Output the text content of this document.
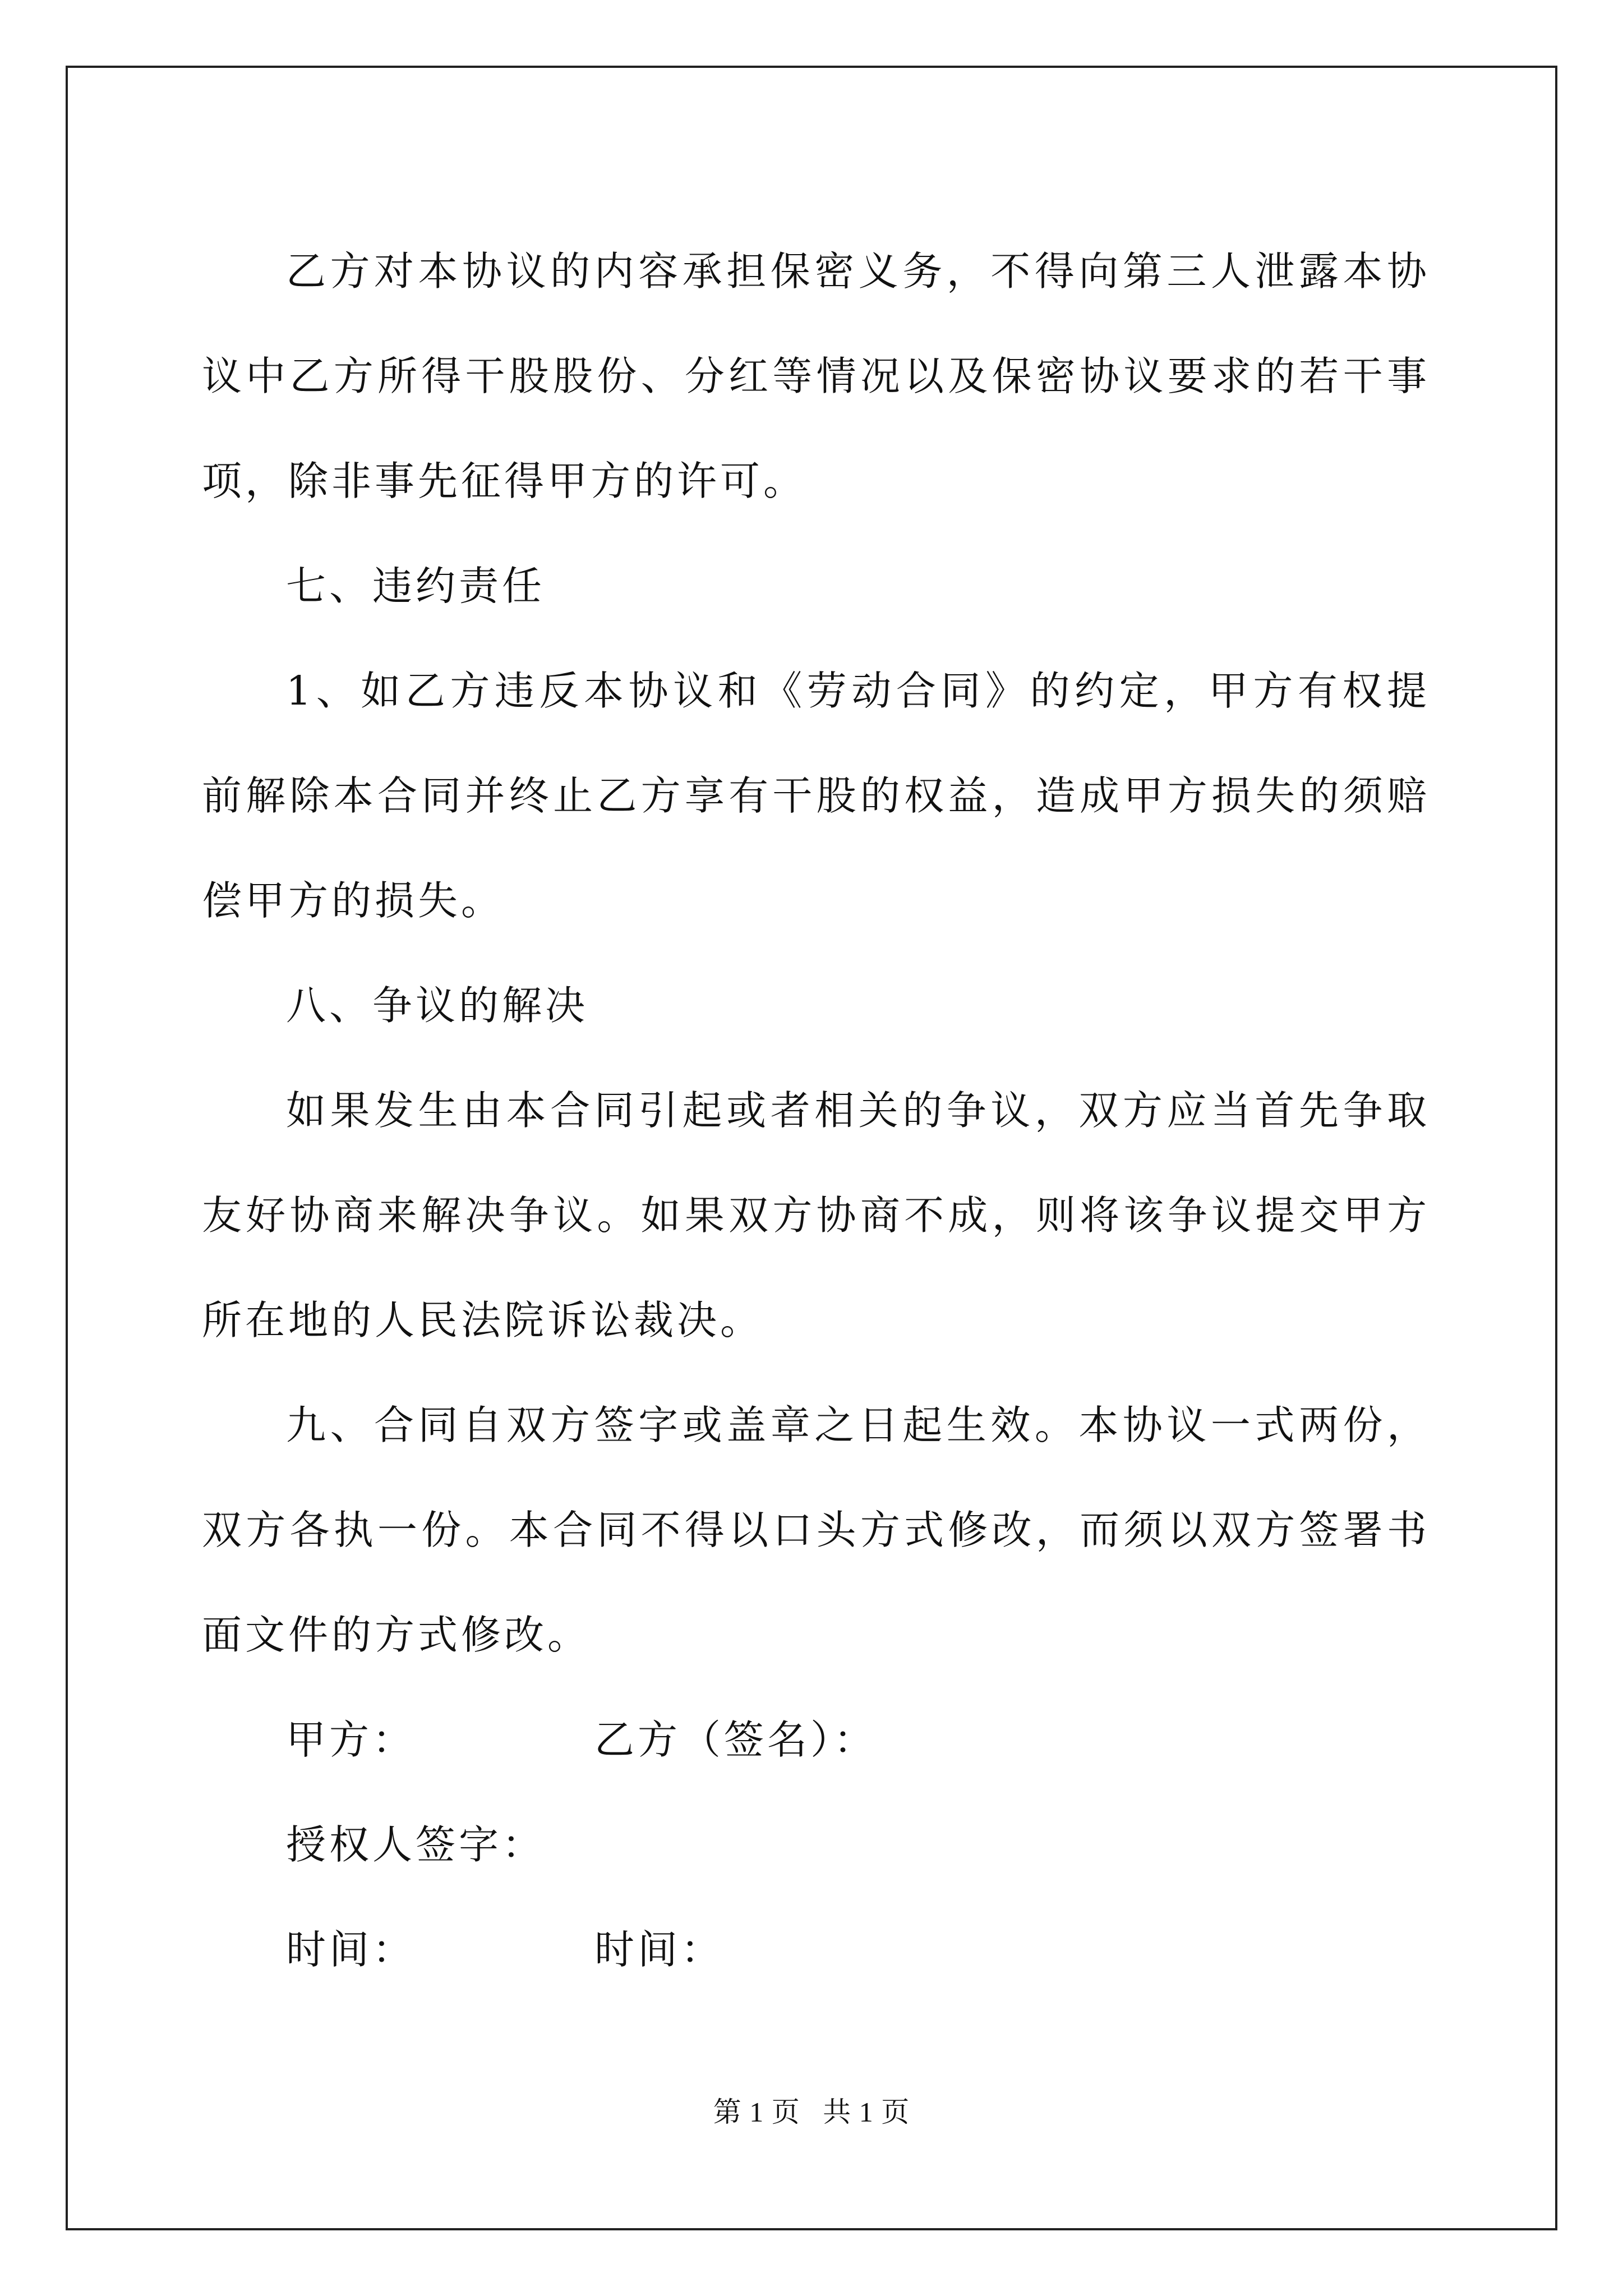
乙方对本协议的内容承担保密义务，不得向第三人泄露本协议中乙方所得干股股份、分红等情况以及保密协议要求的若干事项，除非事先征得甲方的许可。

七、违约责任

1、如乙方违反本协议和《劳动合同》的约定，甲方有权提前解除本合同并终止乙方享有干股的权益，造成甲方损失的须赔偿甲方的损失。

八、争议的解决

如果发生由本合同引起或者相关的争议，双方应当首先争取友好协商来解决争议。如果双方协商不成，则将该争议提交甲方所在地的人民法院诉讼裁决。

九、合同自双方签字或盖章之日起生效。本协议一式两份，双方各执一份。本合同不得以口头方式修改，而须以双方签署书面文件的方式修改。

甲方：	乙方（签名）：
授权人签字：
时间：	时间：
第 1 页 共 1 页
